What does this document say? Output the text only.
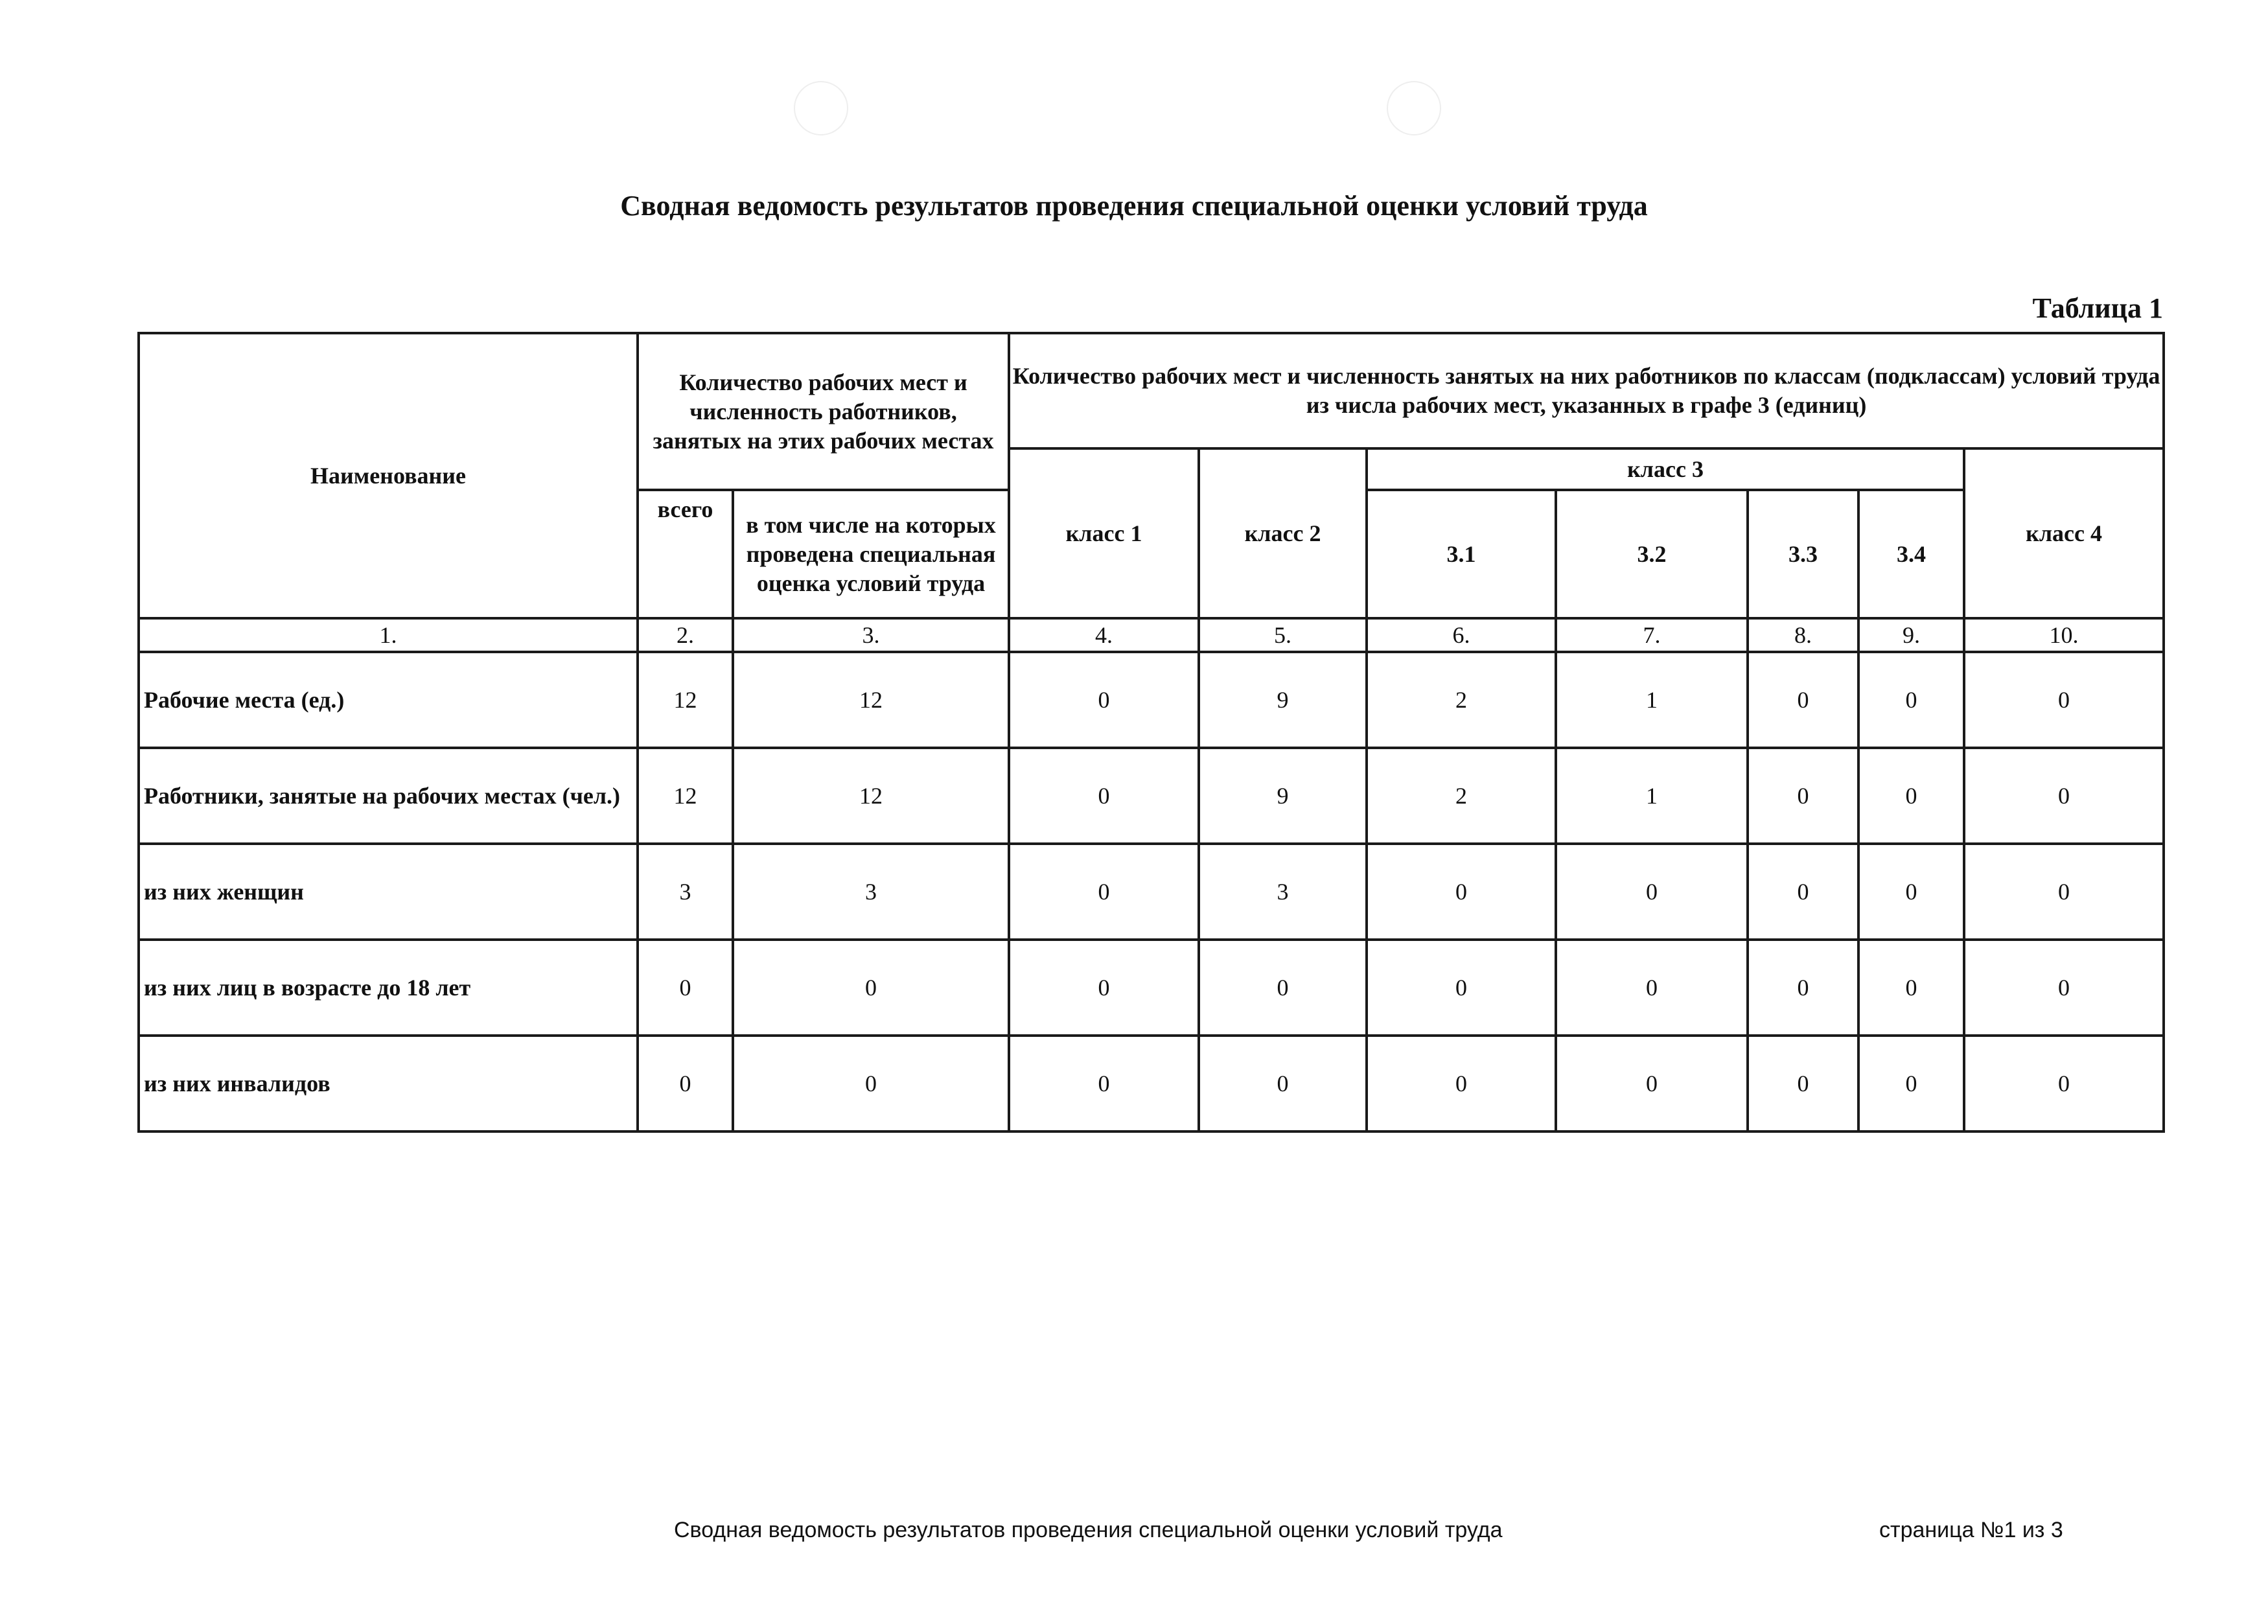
Сводная ведомость результатов проведения специальной оценки условий труда
Таблица 1
Наименование	Количество рабочих мест и численность работников, занятых на этих рабочих местах		Количество рабочих мест и численность занятых на них работников по классам (подклассам) условий труда из числа рабочих мест, указанных в графе 3 (единиц)						
			класс 1	класс 2	класс 3				класс 4
	всего	в том числе на которых проведена специальная оценка условий труда			3.1	3.2	3.3	3.4	
1.	2.	3.	4.	5.	6.	7.	8.	9.	10.
Рабочие места (ед.)	12	12	0	9	2	1	0	0	0
Работники, занятые на рабочих местах (чел.)	12	12	0	9	2	1	0	0	0
из них женщин	3	3	0	3	0	0	0	0	0
из них лиц в возрасте до 18 лет	0	0	0	0	0	0	0	0	0
из них инвалидов	0	0	0	0	0	0	0	0	0
Сводная ведомость результатов проведения специальной оценки условий труда	страница №1 из 3
